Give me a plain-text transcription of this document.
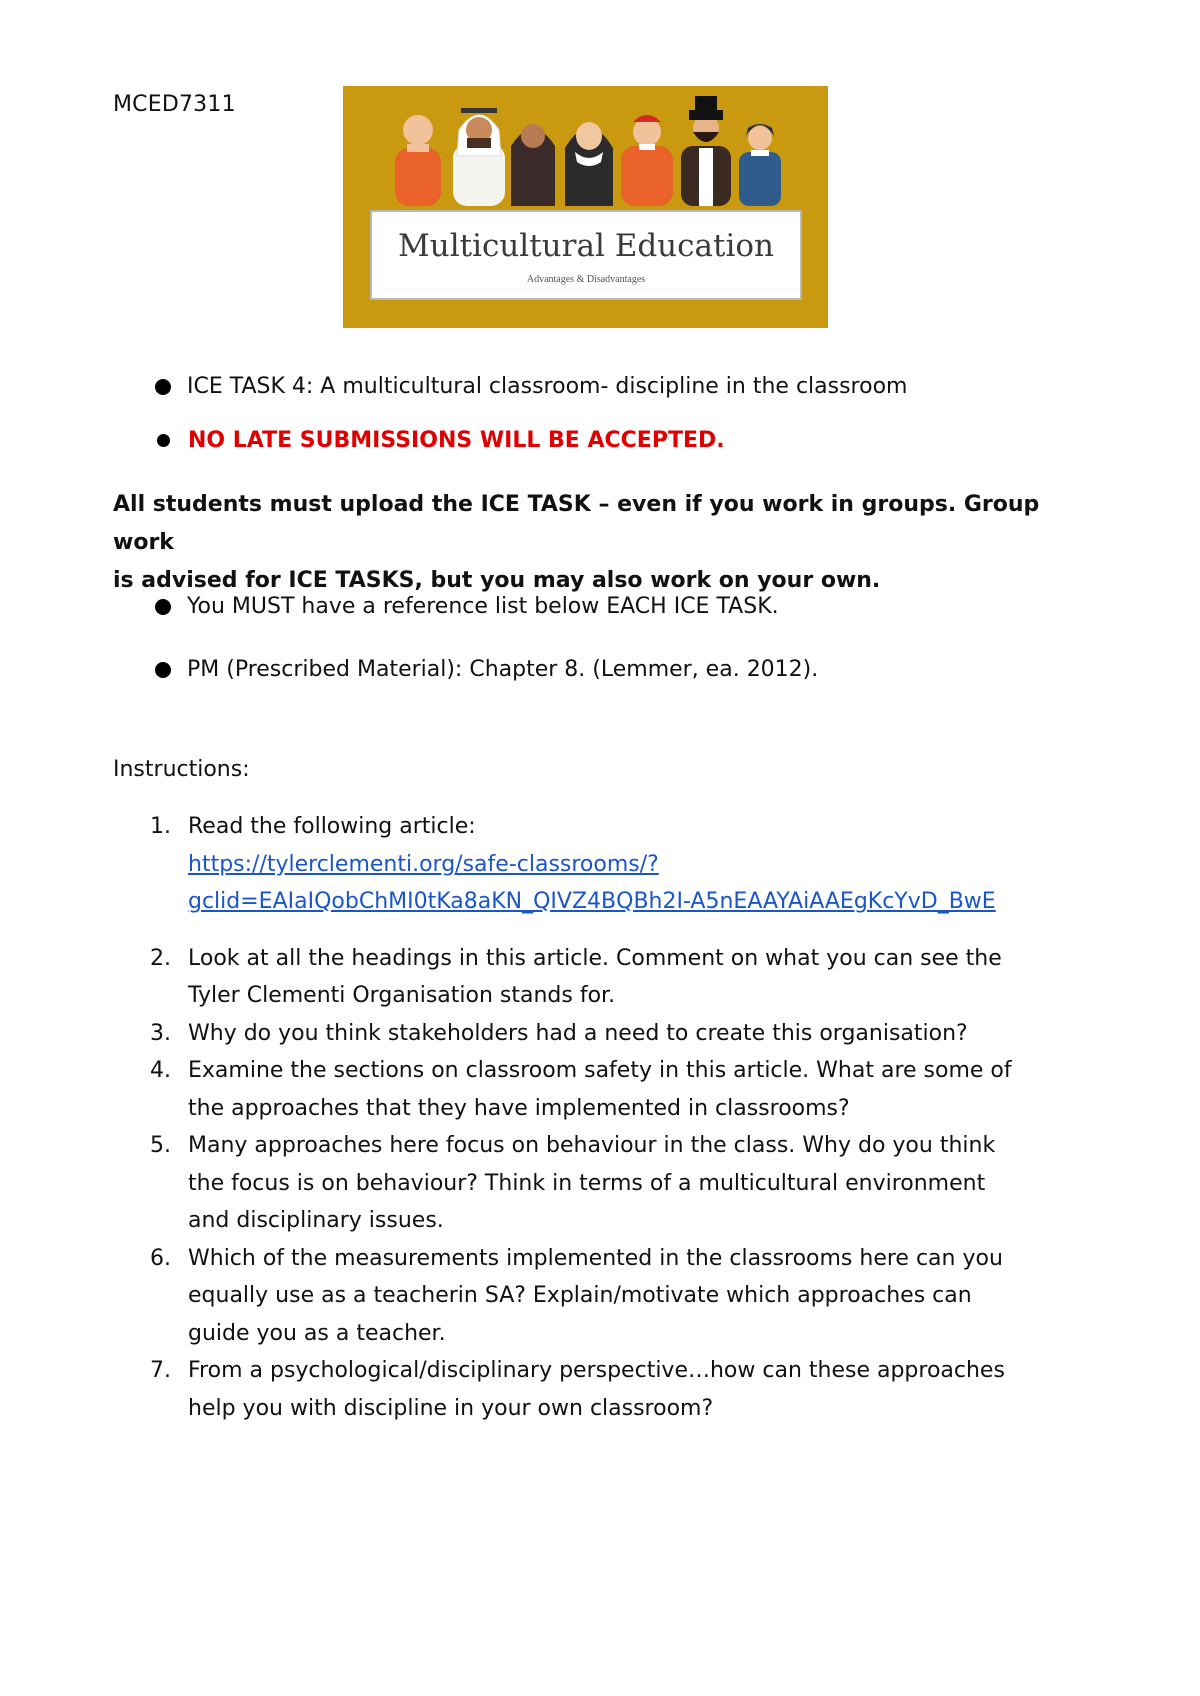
MCED7311
Multicultural Education
Advantages & Disadvantages
ICE TASK 4: A multicultural classroom- discipline in the classroom
NO LATE SUBMISSIONS WILL BE ACCEPTED.
All students must upload the ICE TASK – even if you work in groups. Group work
is advised for ICE TASKS, but you may also work on your own.
You MUST have a reference list below EACH ICE TASK.
PM (Prescribed Material): Chapter 8. (Lemmer, ea. 2012).
Instructions:
1. Read the following article:
https://tylerclementi.org/safe-classrooms/?
gclid=EAIaIQobChMI0tKa8aKN_QIVZ4BQBh2I-A5nEAAYAiAAEgKcYvD_BwE
2. Look at all the headings in this article. Comment on what you can see the
Tyler Clementi Organisation stands for.
3. Why do you think stakeholders had a need to create this organisation?
4. Examine the sections on classroom safety in this article. What are some of
the approaches that they have implemented in classrooms?
5. Many approaches here focus on behaviour in the class. Why do you think
the focus is on behaviour? Think in terms of a multicultural environment
and disciplinary issues.
6. Which of the measurements implemented in the classrooms here can you
equally use as a teacherin SA? Explain/motivate which approaches can
guide you as a teacher.
7. From a psychological/disciplinary perspective…how can these approaches
help you with discipline in your own classroom?
